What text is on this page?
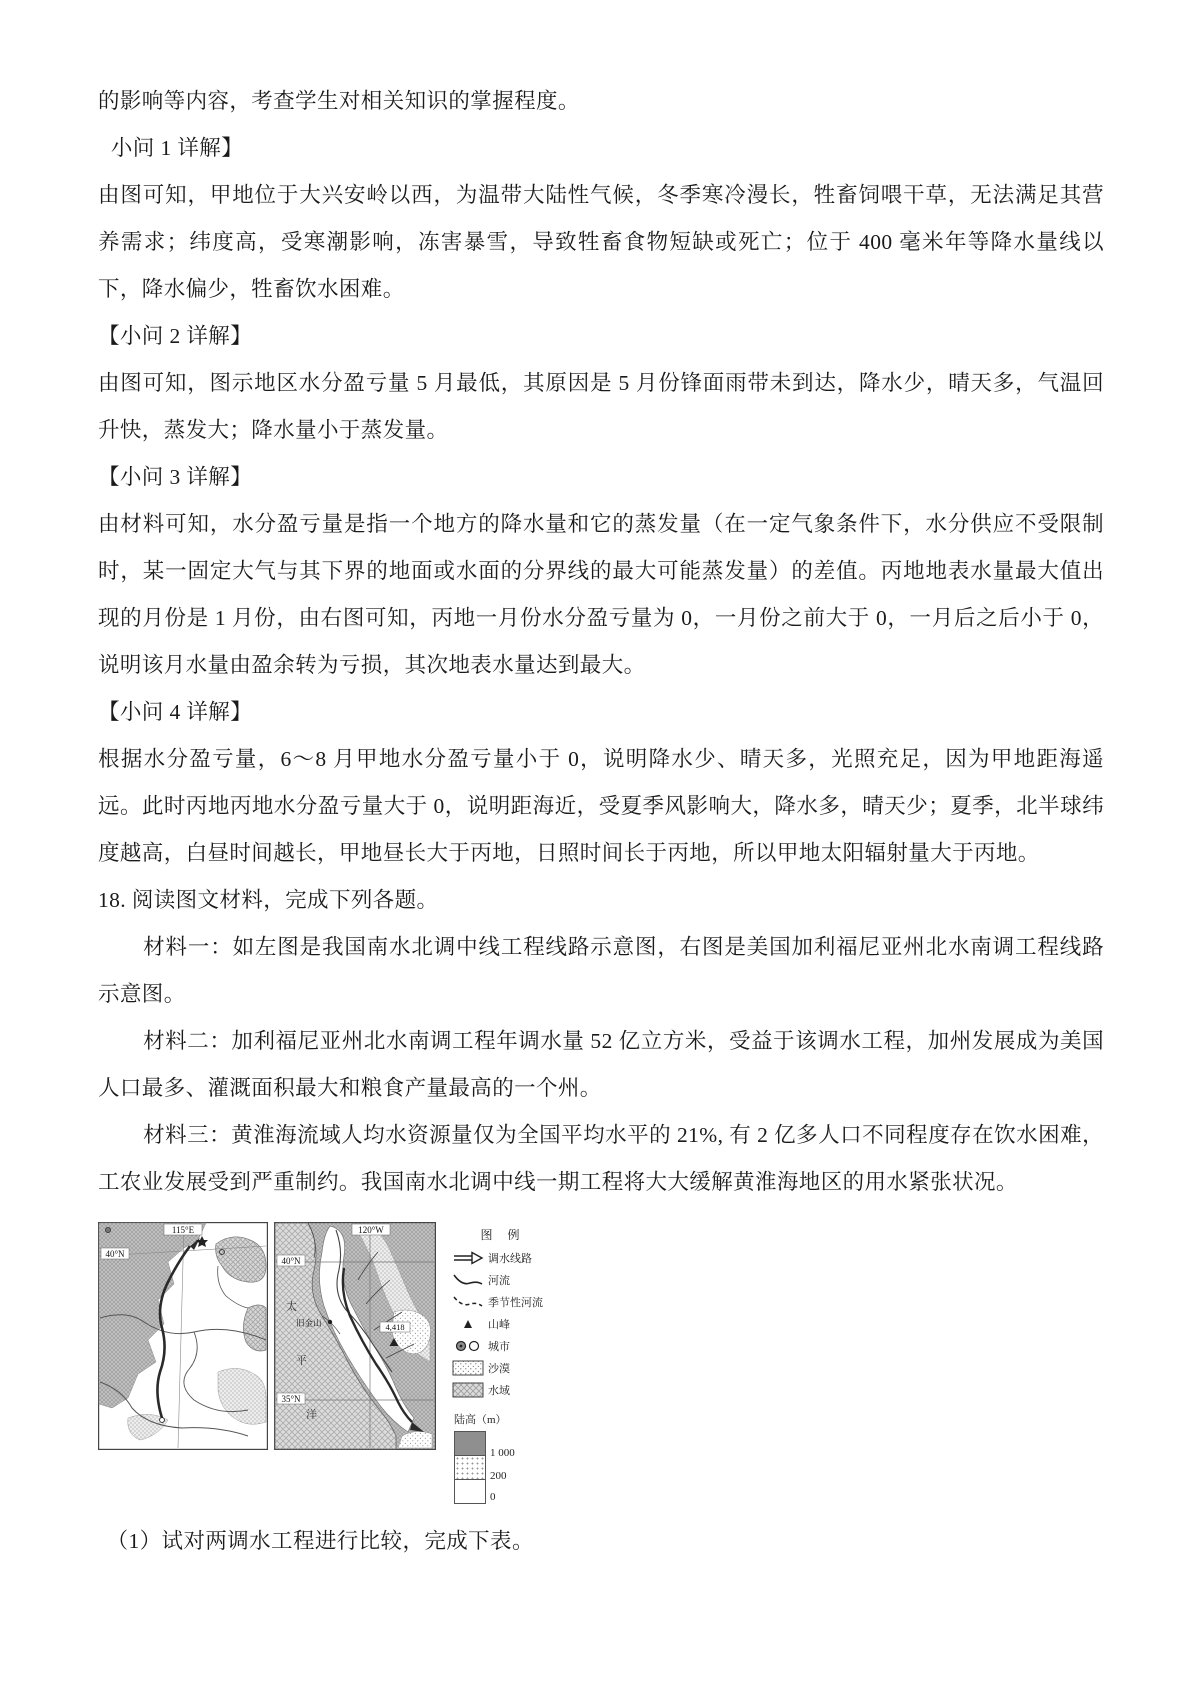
的影响等内容，考查学生对相关知识的掌握程度。

小问 1 详解】

由图可知，甲地位于大兴安岭以西，为温带大陆性气候，冬季寒冷漫长，牲畜饲喂干草，无法满足其营养需求；纬度高，受寒潮影响，冻害暴雪，导致牲畜食物短缺或死亡；位于 400 毫米年等降水量线以下，降水偏少，牲畜饮水困难。

【小问 2 详解】

由图可知，图示地区水分盈亏量 5 月最低，其原因是 5 月份锋面雨带未到达，降水少，晴天多，气温回升快，蒸发大；降水量小于蒸发量。

【小问 3 详解】

由材料可知，水分盈亏量是指一个地方的降水量和它的蒸发量（在一定气象条件下，水分供应不受限制时，某一固定大气与其下界的地面或水面的分界线的最大可能蒸发量）的差值。丙地地表水量最大值出现的月份是 1 月份，由右图可知，丙地一月份水分盈亏量为 0，一月份之前大于 0，一月后之后小于 0，说明该月水量由盈余转为亏损，其次地表水量达到最大。

【小问 4 详解】

根据水分盈亏量，6～8 月甲地水分盈亏量小于 0，说明降水少、晴天多，光照充足，因为甲地距海遥远。此时丙地丙地水分盈亏量大于 0，说明距海近，受夏季风影响大，降水多，晴天少；夏季，北半球纬度越高，白昼时间越长，甲地昼长大于丙地，日照时间长于丙地，所以甲地太阳辐射量大于丙地。

18. 阅读图文材料，完成下列各题。

材料一：如左图是我国南水北调中线工程线路示意图，右图是美国加利福尼亚州北水南调工程线路示意图。

材料二：加利福尼亚州北水南调工程年调水量 52 亿立方米，受益于该调水工程，加州发展成为美国人口最多、灌溉面积最大和粮食产量最高的一个州。

材料三：黄淮海流域人均水资源量仅为全国平均水平的 21%, 有 2 亿多人口不同程度存在饮水困难，工农业发展受到严重制约。我国南水北调中线一期工程将大大缓解黄淮海地区的用水紧张状况。

115°E
40°N
4,418
旧金山
太
平
洋
120°W
40°N
35°N

图 例

调水线路
河流
季节性河流
山峰
城市
沙漠
水域

陆高（m）

1 000
200
0

（1）试对两调水工程进行比较，完成下表。
